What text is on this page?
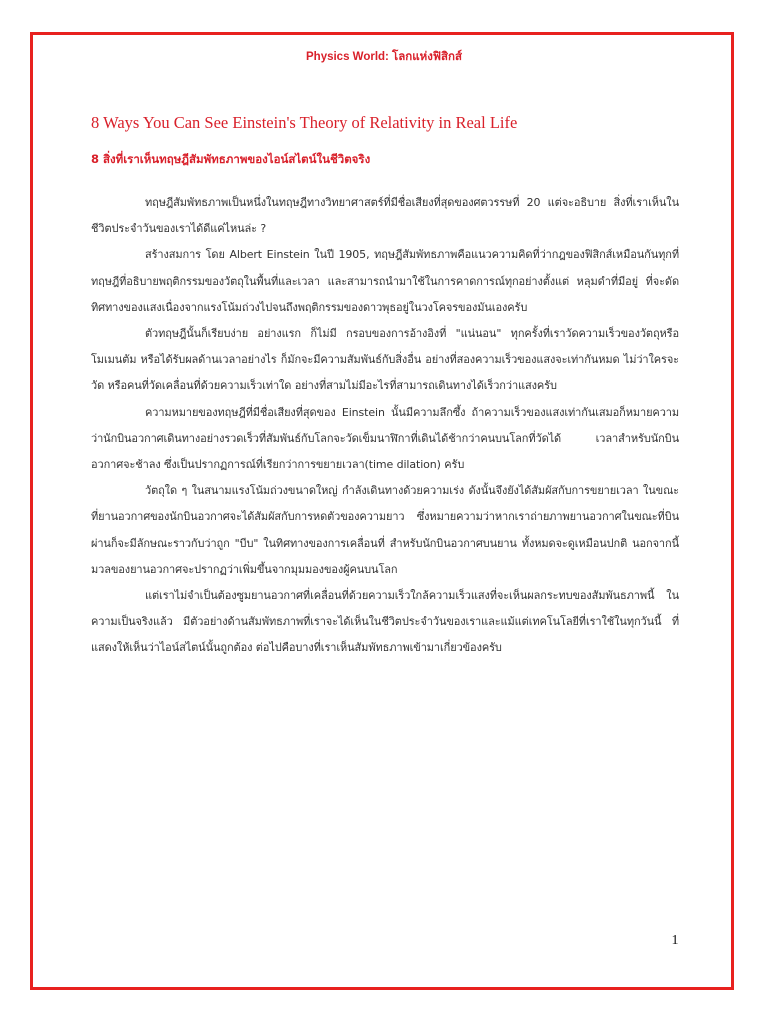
Physics World: โลกแห่งฟิสิกส์
8 Ways You Can See Einstein's Theory of Relativity in Real Life
8 สิ่งที่เราเห็นทฤษฎีสัมพัทธภาพของไอน์สไตน์ในชีวิตจริง

ทฤษฎีสัมพัทธภาพเป็นหนึ่งในทฤษฎีทางวิทยาศาสตร์ที่มีชื่อเสียงที่สุดของศตวรรษที่ 20 แต่จะอธิบาย สิ่งที่เราเห็นในชีวิตประจำวันของเราได้ดีแค่ไหนล่ะ ?

สร้างสมการ โดย Albert Einstein ในปี 1905, ทฤษฎีสัมพัทธภาพคือแนวความคิดที่ว่ากฎของฟิสิกส์เหมือนกันทุกที่ ทฤษฎีที่อธิบายพฤติกรรมของวัตถุในพื้นที่และเวลา และสามารถนำมาใช้ในการคาดการณ์ทุกอย่างตั้งแต่ หลุมดำที่มีอยู่ ที่จะดัดทิศทางของแสงเนื่องจากแรงโน้มถ่วงไปจนถึงพฤติกรรมของดาวพุธอยู่ในวงโคจรของมันเองครับ

ตัวทฤษฎีนั้นก็เรียบง่าย อย่างแรก ก็ไม่มี กรอบของการอ้างอิงที่ "แน่นอน" ทุกครั้งที่เราวัดความเร็วของวัตถุหรือโมเมนตัม หรือได้รับผลด้านเวลาอย่างไร ก็มักจะมีความสัมพันธ์กับสิ่งอื่น อย่างที่สองความเร็วของแสงจะเท่ากันหมด ไม่ว่าใครจะวัด หรือคนที่วัดเคลื่อนที่ด้วยความเร็วเท่าใด อย่างที่สามไม่มีอะไรที่สามารถเดินทางได้เร็วกว่าแสงครับ

ความหมายของทฤษฎีที่มีชื่อเสียงที่สุดของ Einstein นั้นมีความลึกซึ้ง ถ้าความเร็วของแสงเท่ากันเสมอก็หมายความว่านักบินอวกาศเดินทางอย่างรวดเร็วที่สัมพันธ์กับโลกจะวัดเข็มนาฬิกาที่เดินได้ช้ากว่าคนบนโลกที่วัดได้ เวลาสำหรับนักบินอวกาศจะช้าลง ซึ่งเป็นปรากฏการณ์ที่เรียกว่าการขยายเวลา(time dilation) ครับ

วัตถุใด ๆ ในสนามแรงโน้มถ่วงขนาดใหญ่ กำลังเดินทางด้วยความเร่ง ดังนั้นจึงยังได้สัมผัสกับการขยายเวลา ในขณะที่ยานอวกาศของนักบินอวกาศจะได้สัมผัสกับการหดตัวของความยาว ซึ่งหมายความว่าหากเราถ่ายภาพยานอวกาศในขณะที่บินผ่านก็จะมีลักษณะราวกับว่าถูก "บีบ" ในทิศทางของการเคลื่อนที่ สำหรับนักบินอวกาศบนยาน ทั้งหมดจะดูเหมือนปกติ นอกจากนี้มวลของยานอวกาศจะปรากฏว่าเพิ่มขึ้นจากมุมมองของผู้คนบนโลก

แต่เราไม่จำเป็นต้องซูมยานอวกาศที่เคลื่อนที่ด้วยความเร็วใกล้ความเร็วแสงที่จะเห็นผลกระทบของสัมพันธภาพนี้ ในความเป็นจริงแล้ว มีตัวอย่างด้านสัมพัทธภาพที่เราจะได้เห็นในชีวิตประจำวันของเราและแม้แต่เทคโนโลยีที่เราใช้ในทุกวันนี้ ที่แสดงให้เห็นว่าไอน์สไตน์นั้นถูกต้อง ต่อไปคือบางที่เราเห็นสัมพัทธภาพเข้ามาเกี่ยวข้องครับ

1
